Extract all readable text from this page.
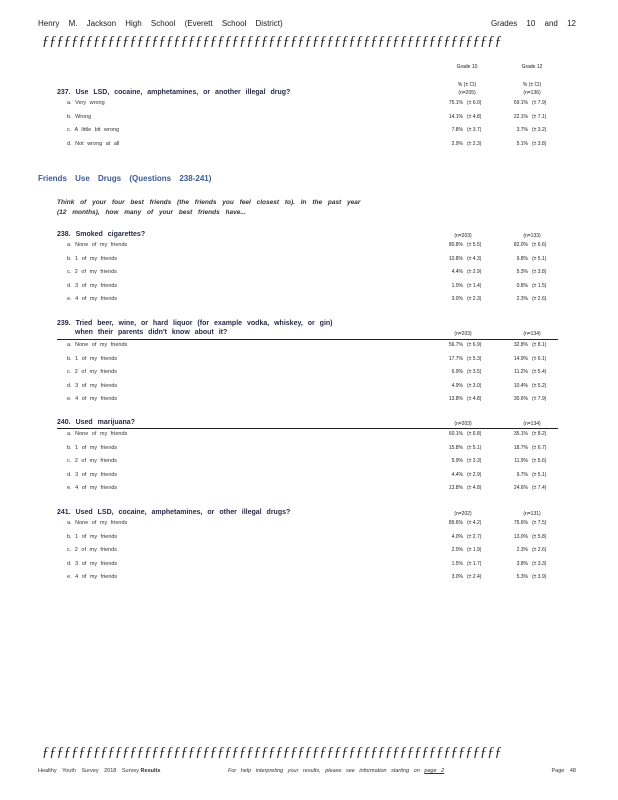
Henry M. Jackson High School (Everett School District)	Grades 10 and 12
ƒƒƒƒƒƒƒƒƒƒƒƒƒƒƒƒƒƒƒƒƒƒƒƒƒƒƒƒƒƒƒƒƒƒƒƒƒƒƒƒƒƒƒƒƒƒƒƒƒƒƒƒƒƒƒƒƒƒƒƒƒƒƒ
Grade 10	Grade 12
% (± CI)	% (± CI)
237. Use LSD, cocaine, amphetamines, or another illegal drug?	(n=205)	(n=136)
a. Very wrong	75.1% (± 6.0)	69.1% (± 7.9)
b. Wrong	14.1% (± 4.8)	22.1% (± 7.1)
c. A little bit wrong	7.8% (± 3.7)	3.7% (± 3.2)
d. Not wrong at all	2.9% (± 2.3)	5.1% (± 3.8)
Friends Use Drugs (Questions 238-241)
Think of your four best friends (the friends you feel closest to). In the past year (12 months), how many of your best friends have...
238. Smoked cigarettes?	(n=203)	(n=133)
a. None of my friends	80.8% (± 5.5)	82.0% (± 6.6)
b. 1 of my friends	10.8% (± 4.3)	9.8% (± 5.1)
c. 2 of my friends	4.4% (± 2.9)	5.3% (± 3.8)
d. 3 of my friends	1.0% (± 1.4)	0.8% (± 1.5)
e. 4 of my friends	3.0% (± 2.3)	2.3% (± 2.6)
239. Tried beer, wine, or hard liquor (for example vodka, whiskey, or gin)
when their parents didn't know about it?	(n=203)	(n=134)
a. None of my friends	56.7% (± 6.9)	32.8% (± 8.1)
b. 1 of my friends	17.7% (± 5.3)	14.9% (± 6.1)
c. 2 of my friends	6.9% (± 3.5)	11.2% (± 5.4)
d. 3 of my friends	4.9% (± 3.0)	10.4% (± 5.2)
e. 4 of my friends	13.8% (± 4.8)	30.6% (± 7.9)
240. Used marijuana?	(n=203)	(n=134)
a. None of my friends	60.1% (± 6.8)	35.1% (± 8.2)
b. 1 of my friends	15.8% (± 5.1)	18.7% (± 6.7)
c. 2 of my friends	5.9% (± 3.3)	11.9% (± 5.6)
d. 3 of my friends	4.4% (± 2.9)	9.7% (± 5.1)
e. 4 of my friends	13.8% (± 4.8)	24.6% (± 7.4)
241. Used LSD, cocaine, amphetamines, or other illegal drugs?	(n=202)	(n=131)
a. None of my friends	89.6% (± 4.2)	75.6% (± 7.5)
b. 1 of my friends	4.0% (± 2.7)	13.0% (± 5.8)
c. 2 of my friends	2.0% (± 1.9)	2.3% (± 2.6)
d. 3 of my friends	1.5% (± 1.7)	3.8% (± 3.3)
e. 4 of my friends	3.0% (± 2.4)	5.3% (± 3.9)
ƒƒƒƒƒƒƒƒƒƒƒƒƒƒƒƒƒƒƒƒƒƒƒƒƒƒƒƒƒƒƒƒƒƒƒƒƒƒƒƒƒƒƒƒƒƒƒƒƒƒƒƒƒƒƒƒƒƒƒƒƒƒƒ
Healthy Youth Survey 2018 Survey Results	For help interpreting your results, please see information starting on page 2	Page 48
